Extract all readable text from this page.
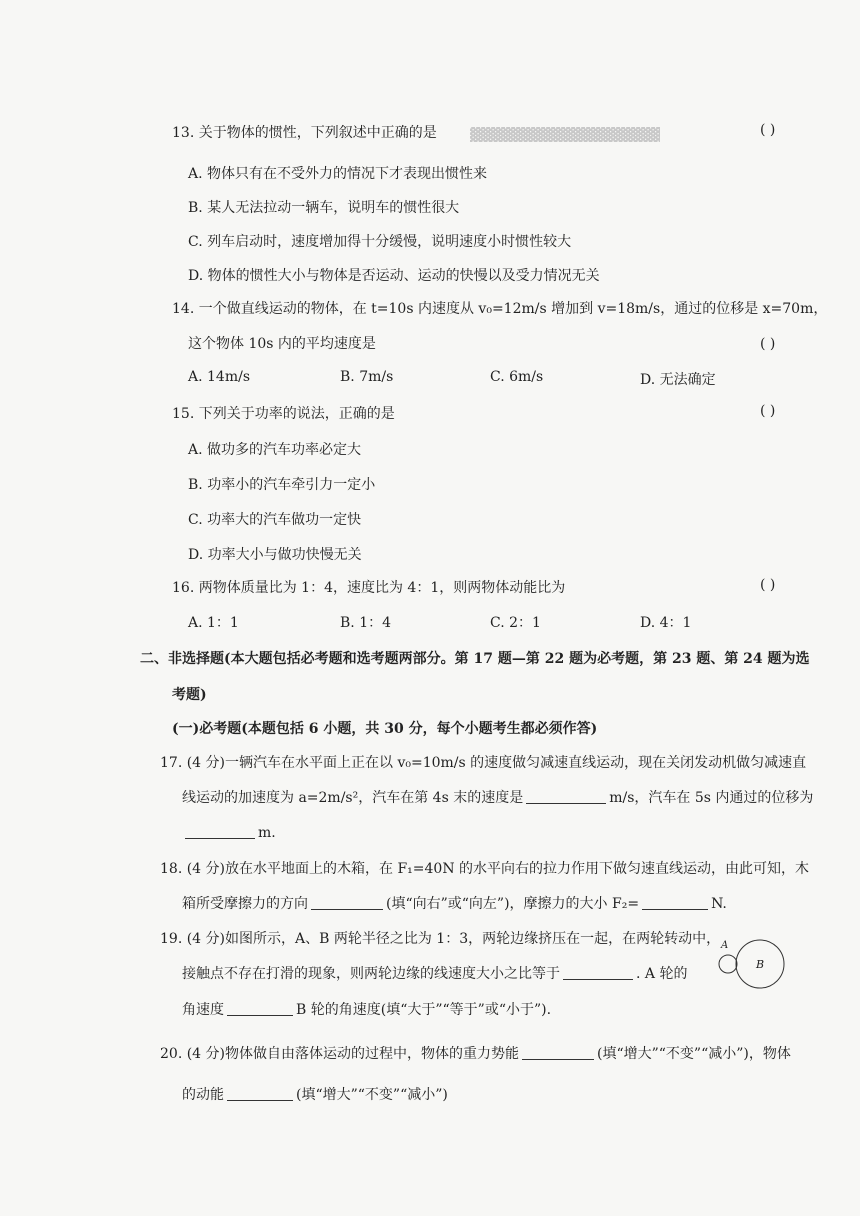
▓▓▓▓▓▓▓▓▓▓▓▓▓▓▓▓▓▓▓
13. 关于物体的惯性，下列叙述中正确的是	( )
A. 物体只有在不受外力的情况下才表现出惯性来
B. 某人无法拉动一辆车，说明车的惯性很大
C. 列车启动时，速度增加得十分缓慢，说明速度小时惯性较大
D. 物体的惯性大小与物体是否运动、运动的快慢以及受力情况无关
14. 一个做直线运动的物体，在 t=10s 内速度从 v₀=12m/s 增加到 v=18m/s，通过的位移是 x=70m，
这个物体 10s 内的平均速度是	( )
A. 14m/s	B. 7m/s	C. 6m/s	D. 无法确定
15. 下列关于功率的说法，正确的是	( )
A. 做功多的汽车功率必定大
B. 功率小的汽车牵引力一定小
C. 功率大的汽车做功一定快
D. 功率大小与做功快慢无关
16. 两物体质量比为 1：4，速度比为 4：1，则两物体动能比为	( )
A. 1：1	B. 1：4	C. 2：1	D. 4：1
二、非选择题(本大题包括必考题和选考题两部分。第 17 题—第 22 题为必考题，第 23 题、第 24 题为选
考题)
(一)必考题(本题包括 6 小题，共 30 分，每个小题考生都必须作答)
17. (4 分)一辆汽车在水平面上正在以 v₀=10m/s 的速度做匀减速直线运动，现在关闭发动机做匀减速直
线运动的加速度为 a=2m/s²，汽车在第 4s 末的速度是	m/s，汽车在 5s 内通过的位移为
m.
18. (4 分)放在水平地面上的木箱，在 F₁=40N 的水平向右的拉力作用下做匀速直线运动，由此可知，木
箱所受摩擦力的方向	(填“向右”或“向左”)，摩擦力的大小 F₂=	N.
19. (4 分)如图所示，A、B 两轮半径之比为 1：3，两轮边缘挤压在一起，在两轮转动中，
接触点不存在打滑的现象，则两轮边缘的线速度大小之比等于	. A 轮的
角速度	B 轮的角速度(填“大于”“等于”或“小于”).
A
B
20. (4 分)物体做自由落体运动的过程中，物体的重力势能	(填“增大”“不变”“减小”)，物体
的动能	(填“增大”“不变”“减小”)
